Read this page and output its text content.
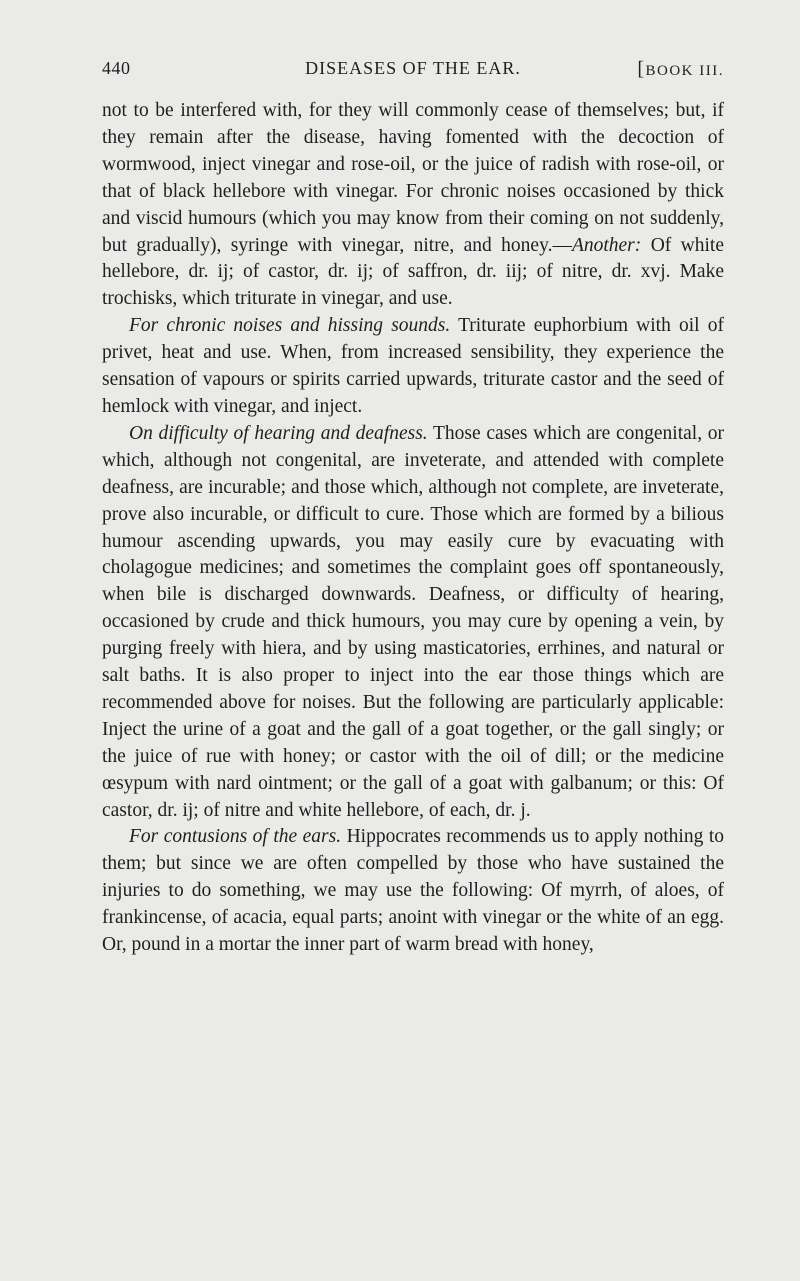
440	DISEASES OF THE EAR.	[BOOK III.

not to be interfered with, for they will commonly cease of themselves; but, if they remain after the disease, having fomented with the decoction of wormwood, inject vinegar and rose-oil, or the juice of radish with rose-oil, or that of black hellebore with vinegar. For chronic noises occasioned by thick and viscid humours (which you may know from their coming on not suddenly, but gradually), syringe with vinegar, nitre, and honey.—Another: Of white hellebore, dr. ij; of castor, dr. ij; of saffron, dr. iij; of nitre, dr. xvj. Make trochisks, which triturate in vinegar, and use.

For chronic noises and hissing sounds. Triturate euphorbium with oil of privet, heat and use. When, from increased sensibility, they experience the sensation of vapours or spirits carried upwards, triturate castor and the seed of hemlock with vinegar, and inject.

On difficulty of hearing and deafness. Those cases which are congenital, or which, although not congenital, are inveterate, and attended with complete deafness, are incurable; and those which, although not complete, are inveterate, prove also incurable, or difficult to cure. Those which are formed by a bilious humour ascending upwards, you may easily cure by evacuating with cholagogue medicines; and sometimes the complaint goes off spontaneously, when bile is discharged downwards. Deafness, or difficulty of hearing, occasioned by crude and thick humours, you may cure by opening a vein, by purging freely with hiera, and by using masticatories, errhines, and natural or salt baths. It is also proper to inject into the ear those things which are recommended above for noises. But the following are particularly applicable: Inject the urine of a goat and the gall of a goat together, or the gall singly; or the juice of rue with honey; or castor with the oil of dill; or the medicine œsypum with nard ointment; or the gall of a goat with galbanum; or this: Of castor, dr. ij; of nitre and white hellebore, of each, dr. j.

For contusions of the ears. Hippocrates recommends us to apply nothing to them; but since we are often compelled by those who have sustained the injuries to do something, we may use the following: Of myrrh, of aloes, of frankincense, of acacia, equal parts; anoint with vinegar or the white of an egg. Or, pound in a mortar the inner part of warm bread with honey,
